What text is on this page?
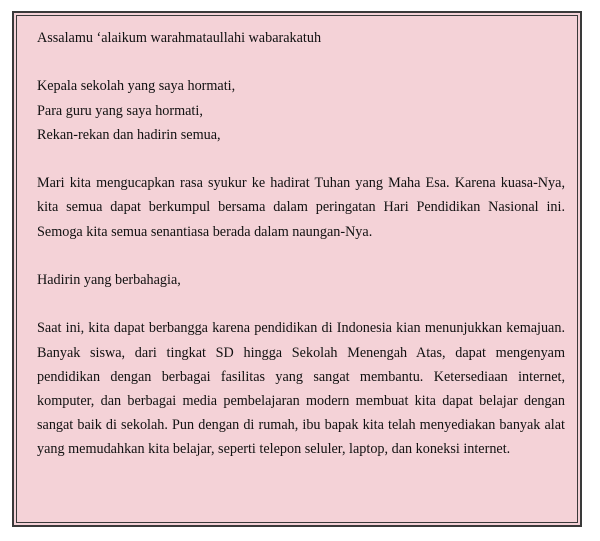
Assalamu ‘alaikum warahmataullahi wabarakatuh

Kepala sekolah yang saya hormati,

Para guru yang saya hormati,

Rekan-rekan dan hadirin semua,

Mari kita mengucapkan rasa syukur ke hadirat Tuhan yang Maha Esa. Karena kuasa-Nya, kita semua dapat berkumpul bersama dalam peringatan Hari Pendidikan Nasional ini. Semoga kita semua senantiasa berada dalam naungan-Nya.

Hadirin yang berbahagia,

Saat ini, kita dapat berbangga karena pendidikan di Indonesia kian menunjukkan kemajuan. Banyak siswa, dari tingkat SD hingga Sekolah Menengah Atas, dapat mengenyam pendidikan dengan berbagai fasilitas yang sangat membantu. Ketersediaan internet, komputer, dan berbagai media pembelajaran modern membuat kita dapat belajar dengan sangat baik di sekolah. Pun dengan di rumah, ibu bapak kita telah menyediakan banyak alat yang memudahkan kita belajar, seperti telepon seluler, laptop, dan koneksi internet.
